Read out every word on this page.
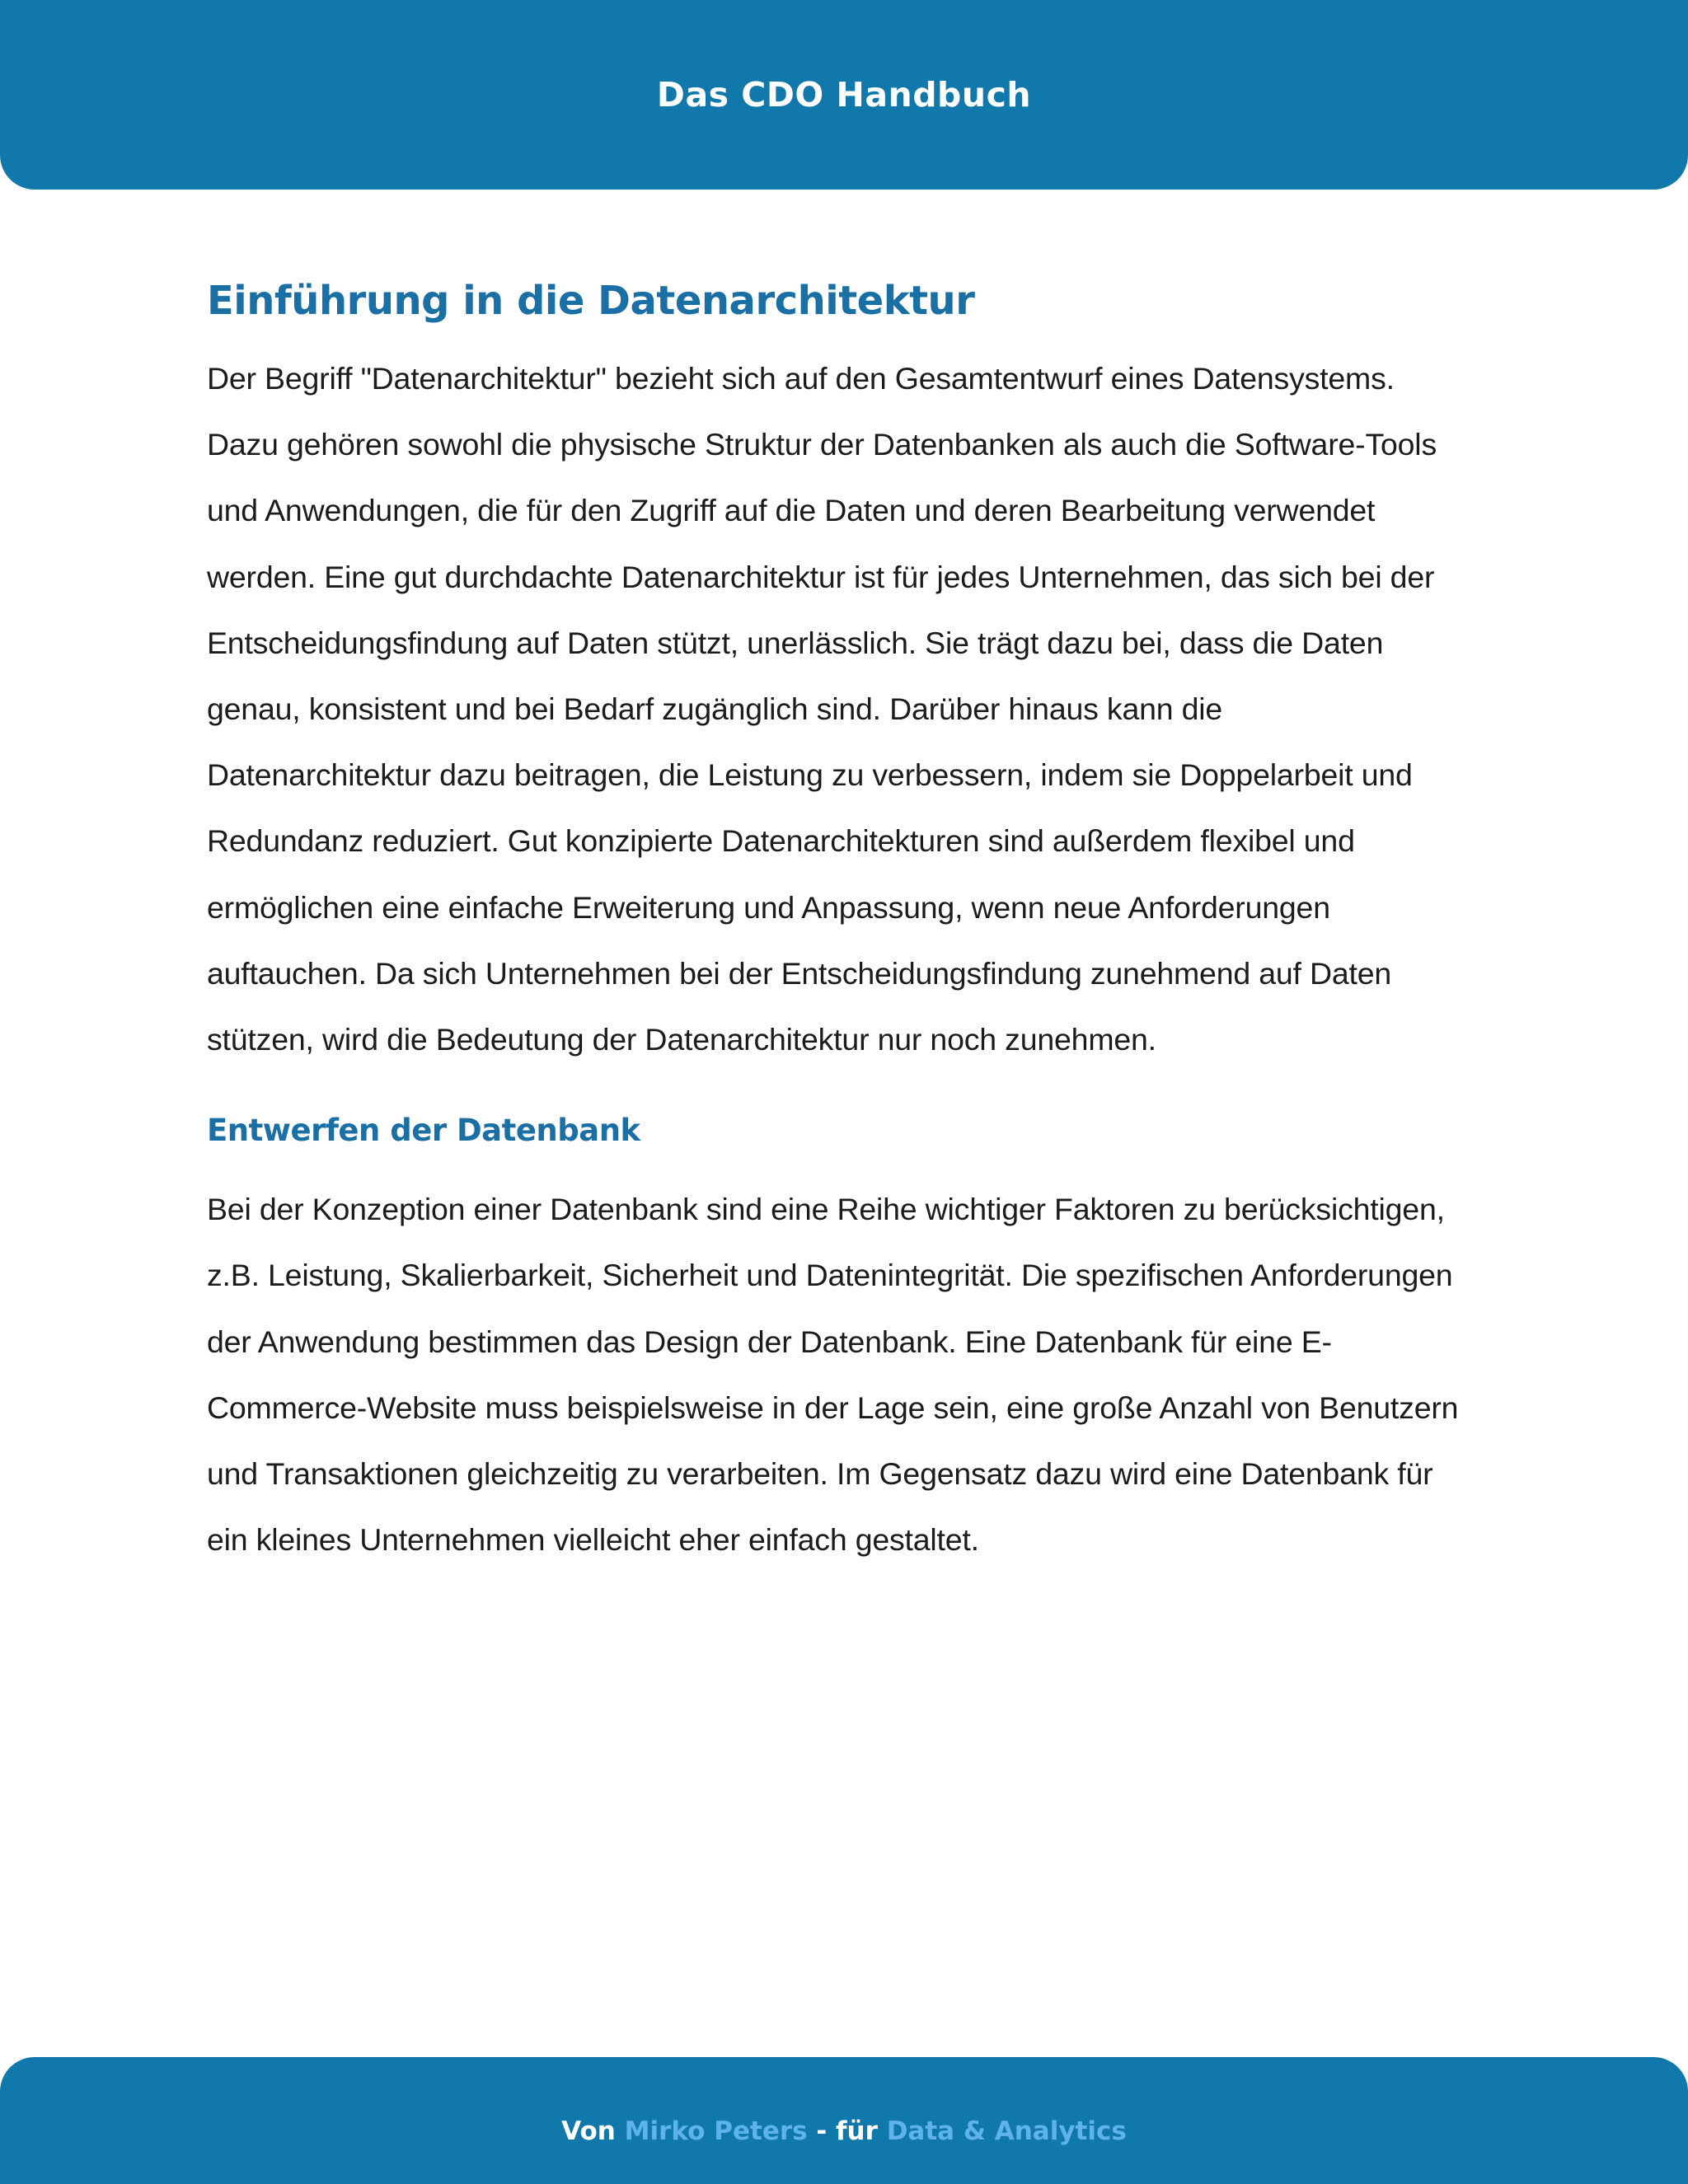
Das CDO Handbuch
Einführung in die Datenarchitektur
Der Begriff "Datenarchitektur" bezieht sich auf den Gesamtentwurf eines Datensystems.
Dazu gehören sowohl die physische Struktur der Datenbanken als auch die Software-Tools
und Anwendungen, die für den Zugriff auf die Daten und deren Bearbeitung verwendet
werden. Eine gut durchdachte Datenarchitektur ist für jedes Unternehmen, das sich bei der
Entscheidungsfindung auf Daten stützt, unerlässlich. Sie trägt dazu bei, dass die Daten
genau, konsistent und bei Bedarf zugänglich sind. Darüber hinaus kann die
Datenarchitektur dazu beitragen, die Leistung zu verbessern, indem sie Doppelarbeit und
Redundanz reduziert. Gut konzipierte Datenarchitekturen sind außerdem flexibel und
ermöglichen eine einfache Erweiterung und Anpassung, wenn neue Anforderungen
auftauchen. Da sich Unternehmen bei der Entscheidungsfindung zunehmend auf Daten
stützen, wird die Bedeutung der Datenarchitektur nur noch zunehmen.
Entwerfen der Datenbank
Bei der Konzeption einer Datenbank sind eine Reihe wichtiger Faktoren zu berücksichtigen,
z.B. Leistung, Skalierbarkeit, Sicherheit und Datenintegrität. Die spezifischen Anforderungen
der Anwendung bestimmen das Design der Datenbank. Eine Datenbank für eine E-
Commerce-Website muss beispielsweise in der Lage sein, eine große Anzahl von Benutzern
und Transaktionen gleichzeitig zu verarbeiten. Im Gegensatz dazu wird eine Datenbank für
ein kleines Unternehmen vielleicht eher einfach gestaltet.
Von Mirko Peters - für Data & Analytics
